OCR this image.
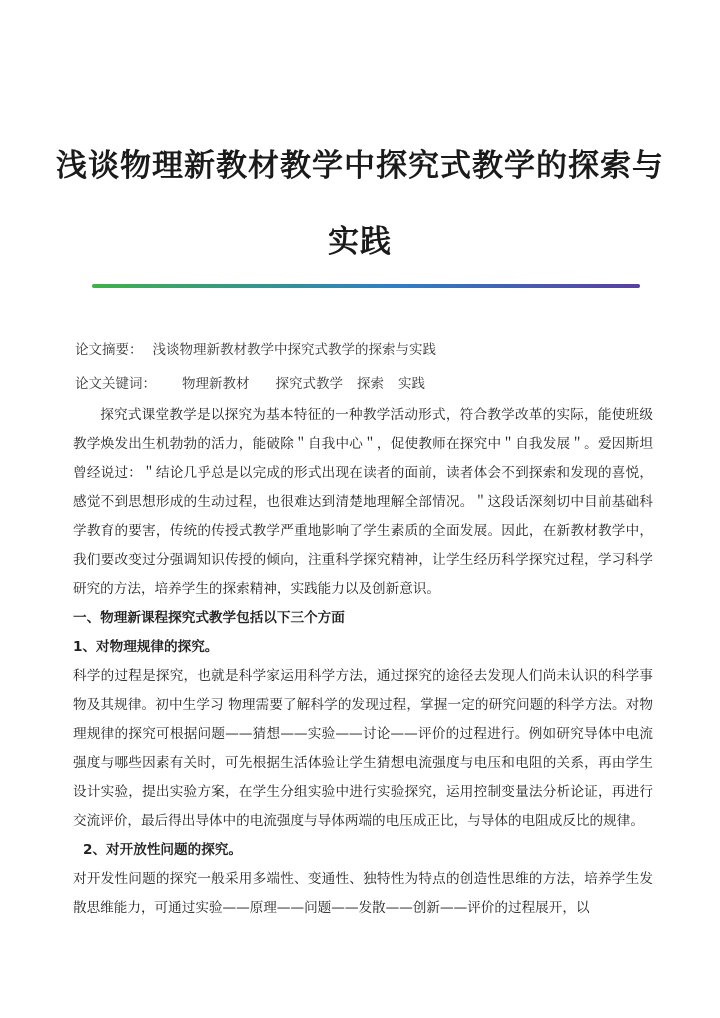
浅谈物理新教材教学中探究式教学的探索与
实践
论文摘要： 浅谈物理新教材教学中探究式教学的探索与实践
论文关键词： 物理新教材 探究式教学 探索 实践

探究式课堂教学是以探究为基本特征的一种教学活动形式，符合教学改革的实际，能使班级教学焕发出生机勃勃的活力，能破除＂自我中心＂，促使教师在探究中＂自我发展＂。爱因斯坦曾经说过：＂结论几乎总是以完成的形式出现在读者的面前，读者体会不到探索和发现的喜悦，感觉不到思想形成的生动过程，也很难达到清楚地理解全部情况。＂这段话深刻切中目前基础科学教育的要害，传统的传授式教学严重地影响了学生素质的全面发展。因此，在新教材教学中，我们要改变过分强调知识传授的倾向，注重科学探究精神，让学生经历科学探究过程，学习科学研究的方法，培养学生的探索精神，实践能力以及创新意识。

一、物理新课程探究式教学包括以下三个方面

1、对物理规律的探究。

科学的过程是探究，也就是科学家运用科学方法，通过探究的途径去发现人们尚未认识的科学事物及其规律。初中生学习 物理需要了解科学的发现过程，掌握一定的研究问题的科学方法。对物理规律的探究可根据问题——猜想——实验——讨论——评价的过程进行。例如研究导体中电流强度与哪些因素有关时，可先根据生活体验让学生猜想电流强度与电压和电阻的关系，再由学生设计实验，提出实验方案，在学生分组实验中进行实验探究，运用控制变量法分析论证，再进行交流评价，最后得出导体中的电流强度与导体两端的电压成正比，与导体的电阻成反比的规律。

2、对开放性问题的探究。

对开发性问题的探究一般采用多端性、变通性、独特性为特点的创造性思维的方法，培养学生发散思维能力，可通过实验——原理——问题——发散——创新——评价的过程展开，以
